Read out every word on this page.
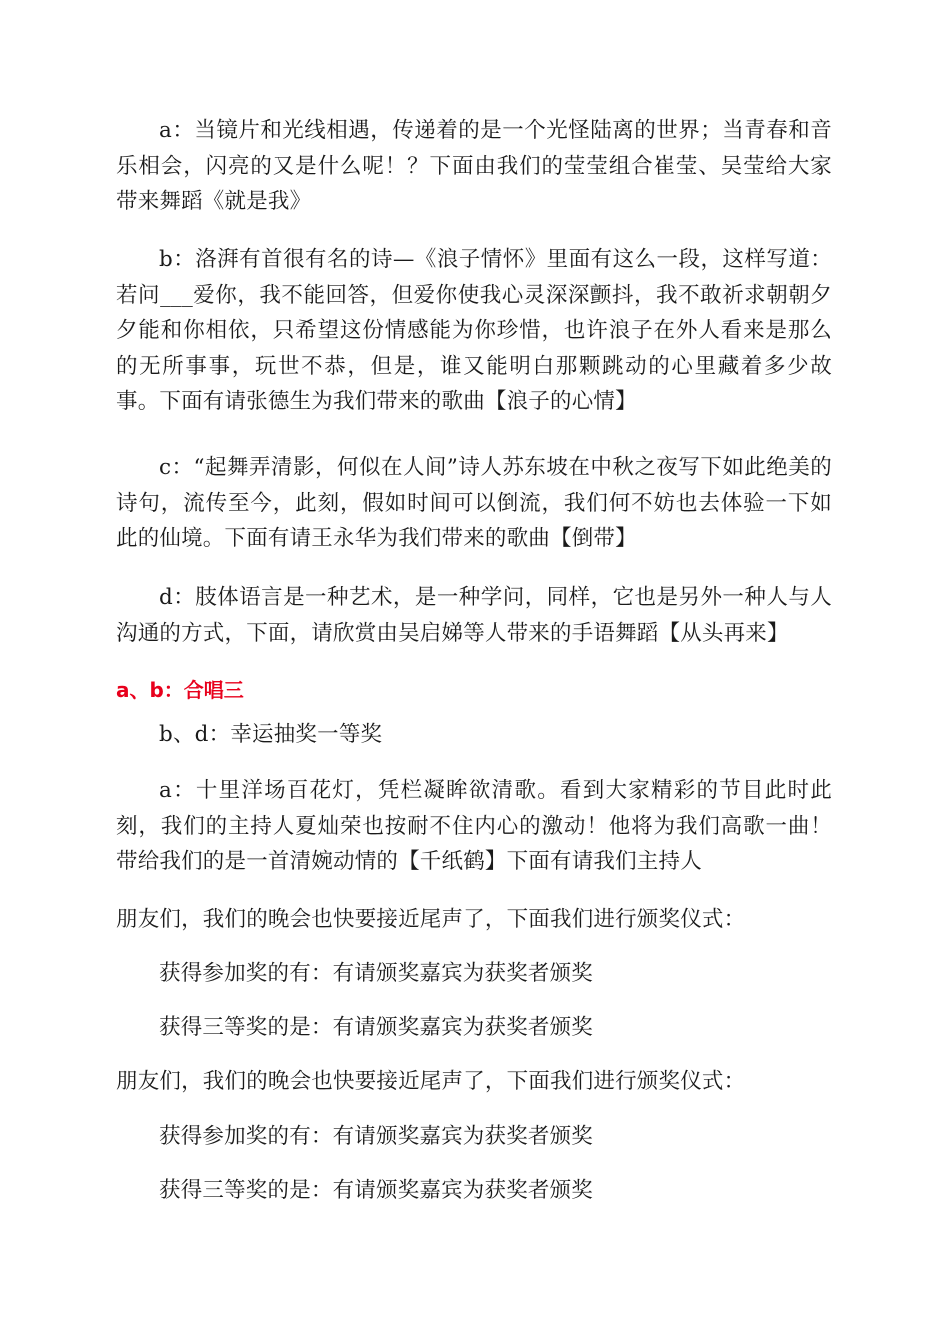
a：当镜片和光线相遇，传递着的是一个光怪陆离的世界；当青春和音乐相会，闪亮的又是什么呢！？下面由我们的莹莹组合崔莹、吴莹给大家带来舞蹈《就是我》

b：洛湃有首很有名的诗—《浪子情怀》里面有这么一段，这样写道：若问___爱你，我不能回答，但爱你使我心灵深深颤抖，我不敢祈求朝朝夕夕能和你相依，只希望这份情感能为你珍惜，也许浪子在外人看来是那么的无所事事，玩世不恭，但是，谁又能明白那颗跳动的心里藏着多少故事。下面有请张德生为我们带来的歌曲【浪子的心情】

c：“起舞弄清影，何似在人间”诗人苏东坡在中秋之夜写下如此绝美的诗句，流传至今，此刻，假如时间可以倒流，我们何不妨也去体验一下如此的仙境。下面有请王永华为我们带来的歌曲【倒带】

d：肢体语言是一种艺术，是一种学问，同样，它也是另外一种人与人沟通的方式，下面，请欣赏由吴启娣等人带来的手语舞蹈【从头再来】

a、b：合唱三

b、d：幸运抽奖一等奖

a：十里洋场百花灯，凭栏凝眸欲清歌。看到大家精彩的节目此时此刻，我们的主持人夏灿荣也按耐不住内心的激动！他将为我们高歌一曲！带给我们的是一首清婉动情的【千纸鹤】下面有请我们主持人

朋友们，我们的晚会也快要接近尾声了，下面我们进行颁奖仪式：

获得参加奖的有：有请颁奖嘉宾为获奖者颁奖

获得三等奖的是：有请颁奖嘉宾为获奖者颁奖

朋友们，我们的晚会也快要接近尾声了，下面我们进行颁奖仪式：

获得参加奖的有：有请颁奖嘉宾为获奖者颁奖

获得三等奖的是：有请颁奖嘉宾为获奖者颁奖
